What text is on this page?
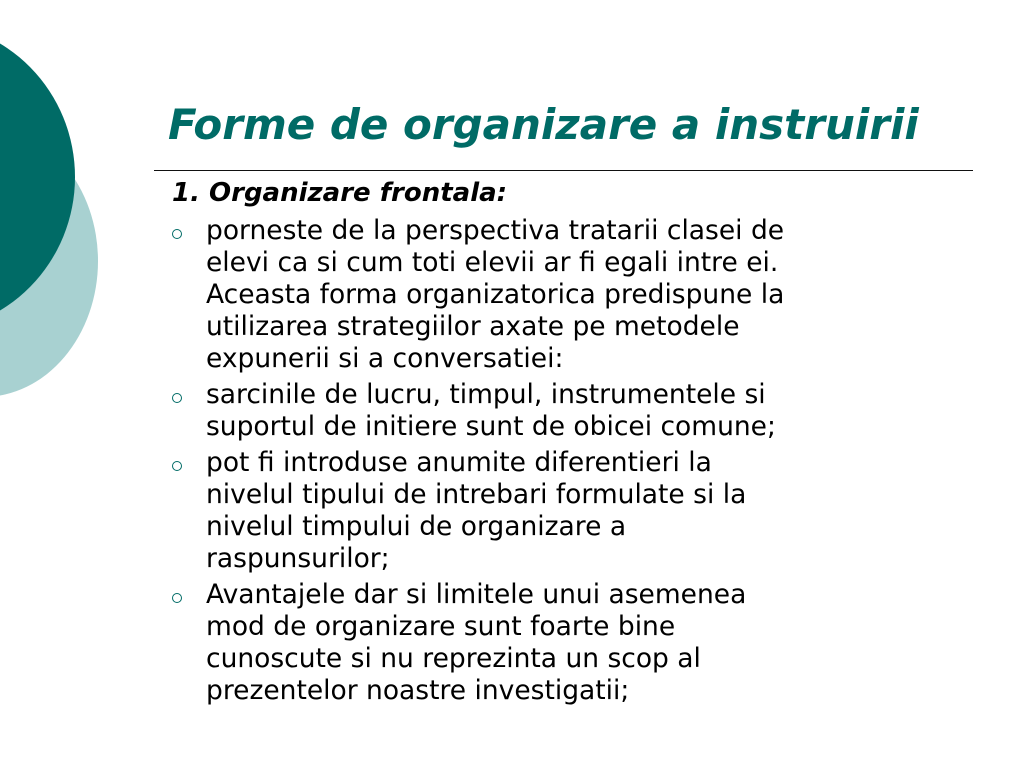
Forme de organizare a instruirii
1. Organizare frontala:
porneste de la perspectiva tratarii clasei de
elevi ca si cum toti elevii ar fi egali intre ei.
Aceasta forma organizatorica predispune la
utilizarea strategiilor axate pe metodele
expunerii si a conversatiei:
sarcinile de lucru, timpul, instrumentele si
suportul de initiere sunt de obicei comune;
pot fi introduse anumite diferentieri la
nivelul tipului de intrebari formulate si la
nivelul timpului de organizare a
raspunsurilor;
Avantajele dar si limitele unui asemenea
mod de organizare sunt foarte bine
cunoscute si nu reprezinta un scop al
prezentelor noastre investigatii;
